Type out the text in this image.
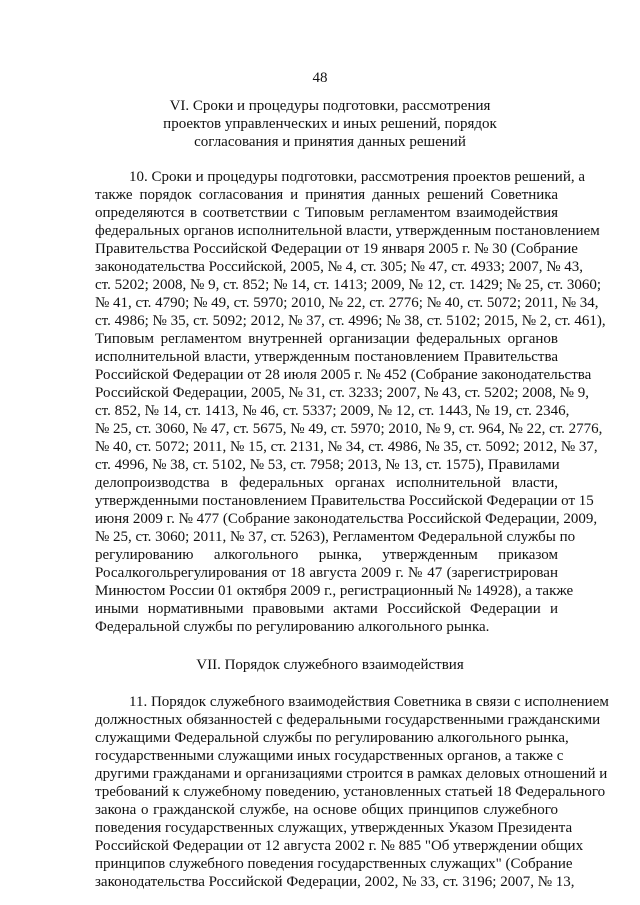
48
VI. Сроки и процедуры подготовки, рассмотрения
проектов управленческих и иных решений, порядок
согласования и принятия данных решений
10. Сроки и процедуры подготовки, рассмотрения проектов решений, а
также порядок согласования и принятия данных решений Советника
определяются в соответствии с Типовым регламентом взаимодействия
федеральных органов исполнительной власти, утвержденным постановлением
Правительства Российской Федерации от 19 января 2005 г. № 30 (Собрание
законодательства Российской, 2005, № 4, ст. 305; № 47, ст. 4933; 2007, № 43,
ст. 5202; 2008, № 9, ст. 852; № 14, ст. 1413; 2009, № 12, ст. 1429; № 25, ст. 3060;
№ 41, ст. 4790; № 49, ст. 5970; 2010, № 22, ст. 2776; № 40, ст. 5072; 2011, № 34,
ст. 4986; № 35, ст. 5092; 2012, № 37, ст. 4996; № 38, ст. 5102; 2015, № 2, ст. 461),
Типовым регламентом внутренней организации федеральных органов
исполнительной власти, утвержденным постановлением Правительства
Российской Федерации от 28 июля 2005 г. № 452 (Собрание законодательства
Российской Федерации, 2005, № 31, ст. 3233; 2007, № 43, ст. 5202; 2008, № 9,
ст. 852, № 14, ст. 1413, № 46, ст. 5337; 2009, № 12, ст. 1443, № 19, ст. 2346,
№ 25, ст. 3060, № 47, ст. 5675, № 49, ст. 5970; 2010, № 9, ст. 964, № 22, ст. 2776,
№ 40, ст. 5072; 2011, № 15, ст. 2131, № 34, ст. 4986, № 35, ст. 5092; 2012, № 37,
ст. 4996, № 38, ст. 5102, № 53, ст. 7958; 2013, № 13, ст. 1575), Правилами
делопроизводства в федеральных органах исполнительной власти,
утвержденными постановлением Правительства Российской Федерации от 15
июня 2009 г. № 477 (Собрание законодательства Российской Федерации, 2009,
№ 25, ст. 3060; 2011, № 37, ст. 5263), Регламентом Федеральной службы по
регулированию алкогольного рынка, утвержденным приказом
Росалкогольрегулирования от 18 августа 2009 г. № 47 (зарегистрирован
Минюстом России 01 октября 2009 г., регистрационный № 14928), а также
иными нормативными правовыми актами Российской Федерации и
Федеральной службы по регулированию алкогольного рынка.
VII. Порядок служебного взаимодействия
11. Порядок служебного взаимодействия Советника в связи с исполнением
должностных обязанностей с федеральными государственными гражданскими
служащими Федеральной службы по регулированию алкогольного рынка,
государственными служащими иных государственных органов, а также с
другими гражданами и организациями строится в рамках деловых отношений и
требований к служебному поведению, установленных статьей 18 Федерального
закона о гражданской службе, на основе общих принципов служебного
поведения государственных служащих, утвержденных Указом Президента
Российской Федерации от 12 августа 2002 г. № 885 "Об утверждении общих
принципов служебного поведения государственных служащих" (Собрание
законодательства Российской Федерации, 2002, № 33, ст. 3196; 2007, № 13,
